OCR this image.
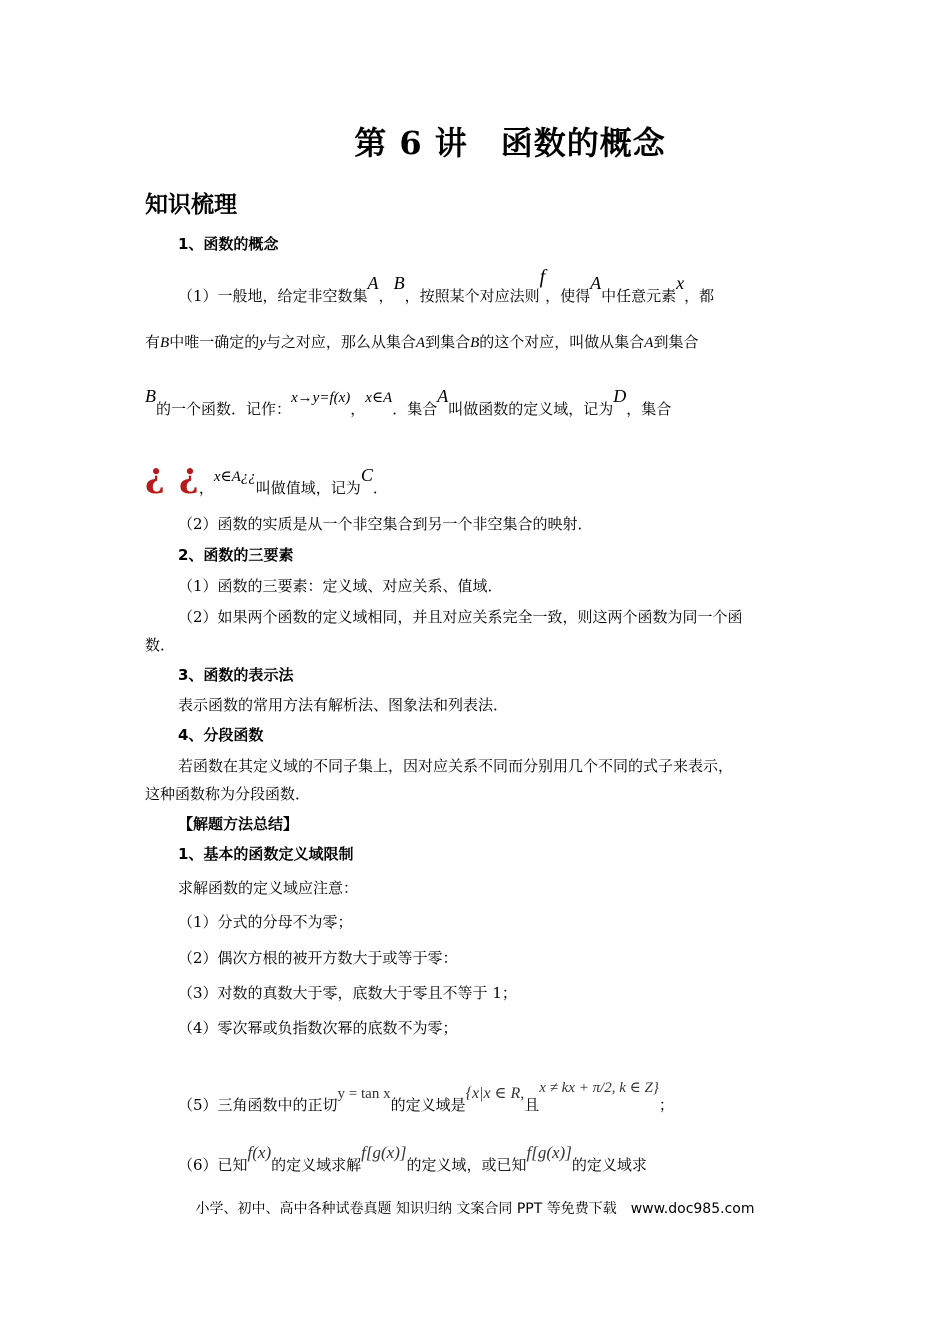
第 6 讲　函数的概念
知识梳理
1、函数的概念
（1）一般地，给定非空数集A，B，按照某个对应法则f，使得A中任意元素x，都
有B中唯一确定的y与之对应，那么从集合A到集合B的这个对应，叫做从集合A到集合
B的一个函数．记作：x→y=f(x)，x∈A．集合A叫做函数的定义域，记为D，集合
¿ ¿，x∈A¿¿叫做值域，记为C．
（2）函数的实质是从一个非空集合到另一个非空集合的映射．
2、函数的三要素
（1）函数的三要素：定义域、对应关系、值域．
（2）如果两个函数的定义域相同，并且对应关系完全一致，则这两个函数为同一个函
数．
3、函数的表示法
表示函数的常用方法有解析法、图象法和列表法．
4、分段函数
若函数在其定义域的不同子集上，因对应关系不同而分别用几个不同的式子来表示，
这种函数称为分段函数．
【解题方法总结】
1、基本的函数定义域限制
求解函数的定义域应注意：
（1）分式的分母不为零；
（2）偶次方根的被开方数大于或等于零：
（3）对数的真数大于零，底数大于零且不等于 1；
（4）零次幂或负指数次幂的底数不为零；
（5）三角函数中的正切y = tan x的定义域是{x|x ∈ R,且x ≠ kx + π/2, k ∈ Z}；
（6）已知f(x)的定义域求解f[g(x)]的定义域，或已知f[g(x)]的定义域求
小学、初中、高中各种试卷真题 知识归纳 文案合同 PPT 等免费下载　www.doc985.com
